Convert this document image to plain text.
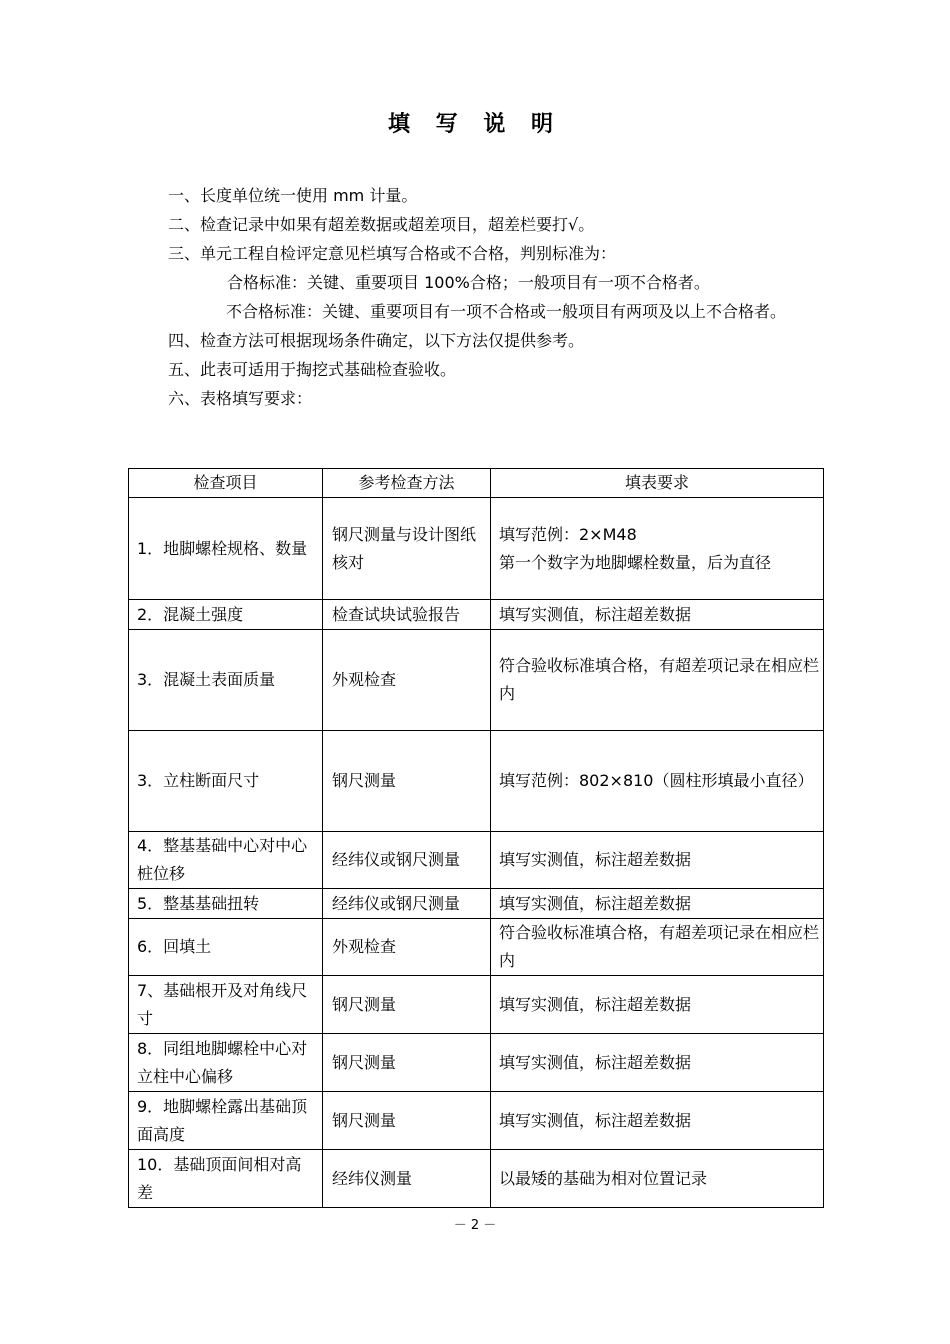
填 写 说 明
一、长度单位统一使用 mm 计量。
二、检查记录中如果有超差数据或超差项目，超差栏要打√。
三、单元工程自检评定意见栏填写合格或不合格，判别标准为：
合格标准：关键、重要项目 100%合格；一般项目有一项不合格者。
不合格标准：关键、重要项目有一项不合格或一般项目有两项及以上不合格者。
四、检查方法可根据现场条件确定，以下方法仅提供参考。
五、此表可适用于掏挖式基础检查验收。
六、表格填写要求：
检查项目	参考检查方法	填表要求
1．地脚螺栓规格、数量	钢尺测量与设计图纸核对	填写范例：2×M48
第一个数字为地脚螺栓数量，后为直径

2．混凝土强度	检查试块试验报告	填写实测值，标注超差数据
3．混凝土表面质量	外观检查	符合验收标准填合格，有超差项记录在相应栏内
3．立柱断面尺寸	钢尺测量	填写范例：802×810（圆柱形填最小直径）
4．整基基础中心对中心桩位移	经纬仪或钢尺测量	填写实测值，标注超差数据
5．整基基础扭转	经纬仪或钢尺测量	填写实测值，标注超差数据
6．回填土	外观检查	符合验收标准填合格，有超差项记录在相应栏内
7、基础根开及对角线尺寸	钢尺测量	填写实测值，标注超差数据
8．同组地脚螺栓中心对立柱中心偏移	钢尺测量	填写实测值，标注超差数据
9．地脚螺栓露出基础顶面高度	钢尺测量	填写实测值，标注超差数据
10．基础顶面间相对高差	经纬仪测量	以最矮的基础为相对位置记录
－ 2 －
